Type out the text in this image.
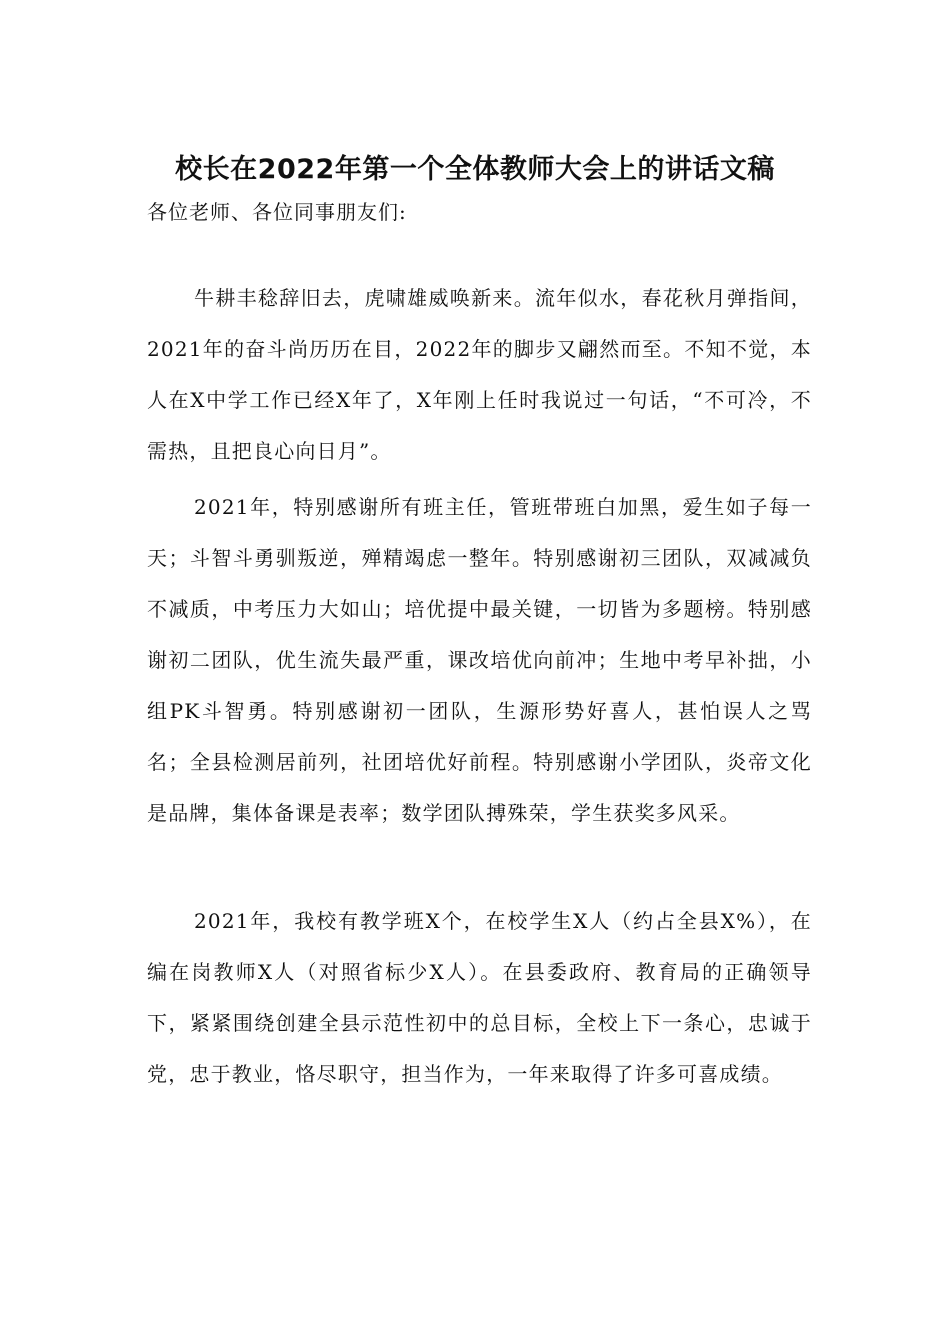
校长在2022年第一个全体教师大会上的讲话文稿

各位老师、各位同事朋友们:

牛耕丰稔辞旧去，虎啸雄威唤新来。流年似水，春花秋月弹指间，2021年的奋斗尚历历在目，2022年的脚步又翩然而至。不知不觉，本人在X中学工作已经X年了，X年刚上任时我说过一句话，“不可冷，不需热，且把良心向日月”。

2021年，特别感谢所有班主任，管班带班白加黑，爱生如子每一天；斗智斗勇驯叛逆，殚精竭虑一整年。特别感谢初三团队，双减减负不减质，中考压力大如山；培优提中最关键，一切皆为多题榜。特别感谢初二团队，优生流失最严重，课改培优向前冲；生地中考早补拙，小组PK斗智勇。特别感谢初一团队，生源形势好喜人，甚怕误人之骂名；全县检测居前列，社团培优好前程。特别感谢小学团队，炎帝文化是品牌，集体备课是表率；数学团队搏殊荣，学生获奖多风采。

2021年，我校有教学班X个，在校学生X人（约占全县X%），在编在岗教师X人（对照省标少X人）。在县委政府、教育局的正确领导下，紧紧围绕创建全县示范性初中的总目标，全校上下一条心，忠诚于党，忠于教业，恪尽职守，担当作为，一年来取得了许多可喜成绩。
